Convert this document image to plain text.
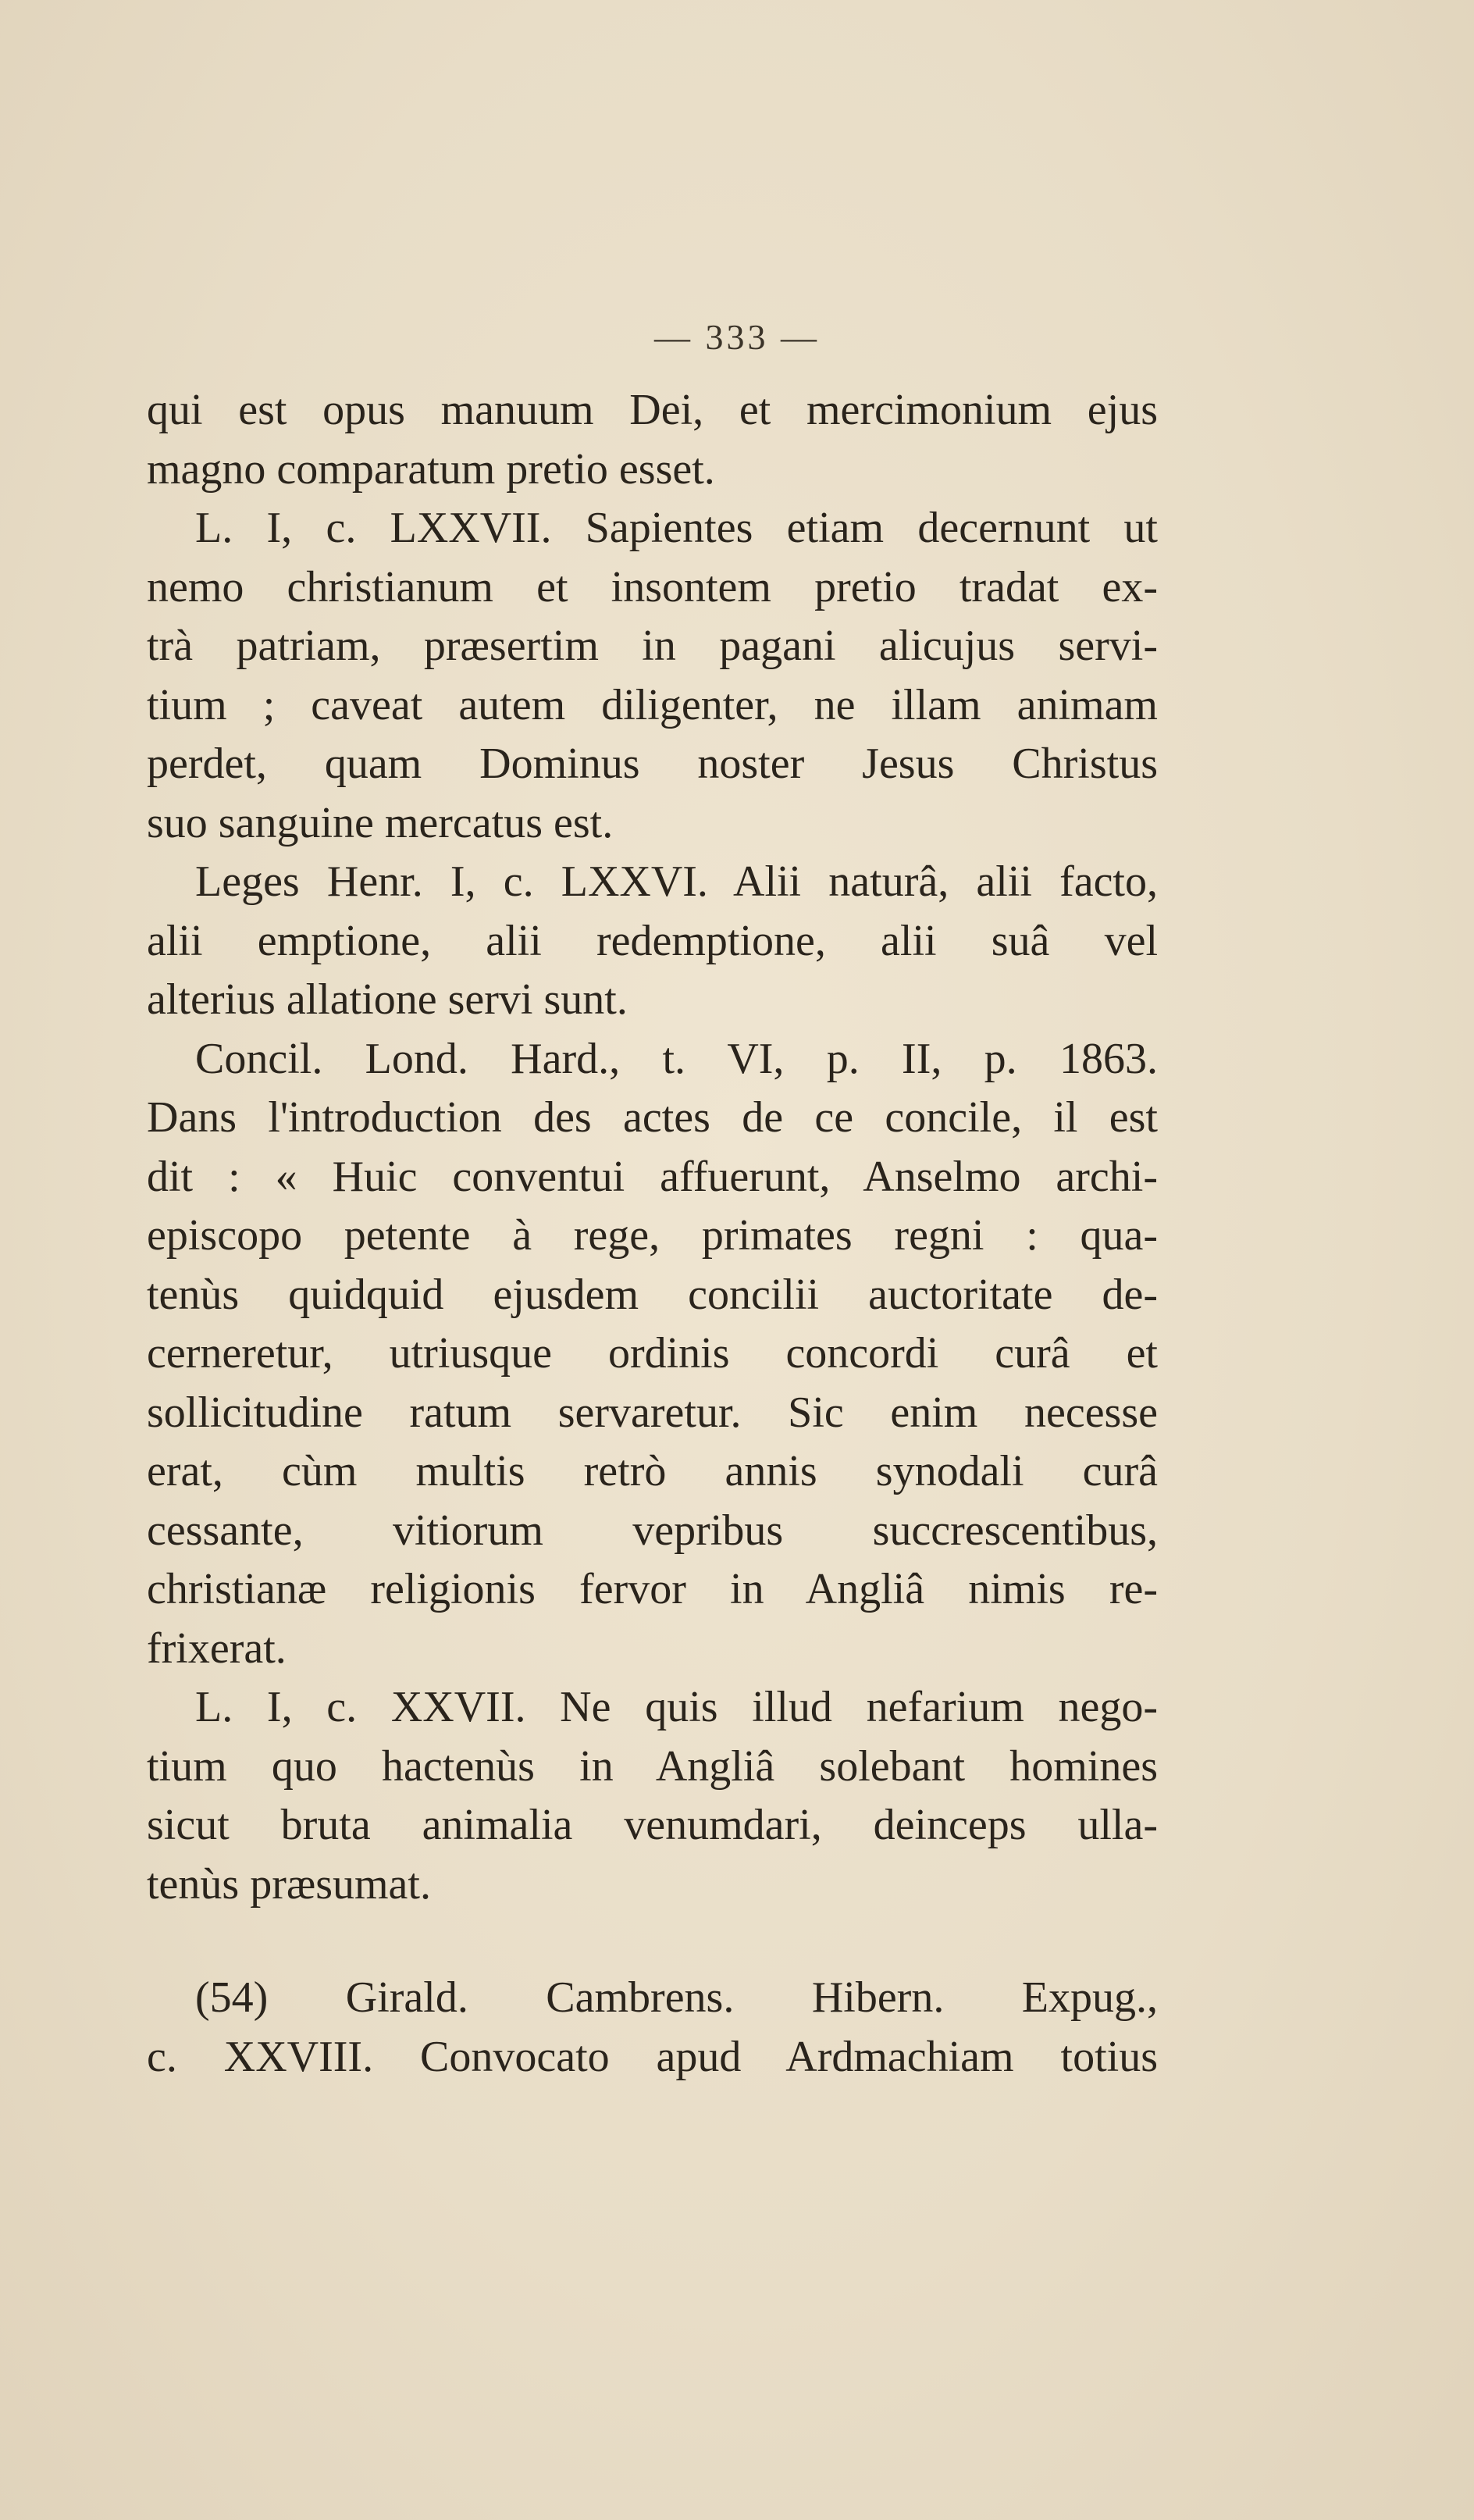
— 333 —
qui est opus manuum Dei, et mercimonium ejus
magno comparatum pretio esset.
L. I, c. LXXVII. Sapientes etiam decernunt ut
nemo christianum et insontem pretio tradat ex-
trà patriam, præsertim in pagani alicujus servi-
tium ; caveat autem diligenter, ne illam animam
perdet, quam Dominus noster Jesus Christus
suo sanguine mercatus est.
Leges Henr. I, c. LXXVI. Alii naturâ, alii facto,
alii emptione, alii redemptione, alii suâ vel
alterius allatione servi sunt.
Concil. Lond. Hard., t. VI, p. II, p. 1863.
Dans l'introduction des actes de ce concile, il est
dit : « Huic conventui affuerunt, Anselmo archi-
episcopo petente à rege, primates regni : qua-
tenùs quidquid ejusdem concilii auctoritate de-
cerneretur, utriusque ordinis concordi curâ et
sollicitudine ratum servaretur. Sic enim necesse
erat, cùm multis retrò annis synodali curâ
cessante, vitiorum vepribus succrescentibus,
christianæ religionis fervor in Angliâ nimis re-
frixerat.
L. I, c. XXVII. Ne quis illud nefarium nego-
tium quo hactenùs in Angliâ solebant homines
sicut bruta animalia venumdari, deinceps ulla-
tenùs præsumat.
(54) Girald. Cambrens. Hibern. Expug.,
c. XXVIII. Convocato apud Ardmachiam totius
